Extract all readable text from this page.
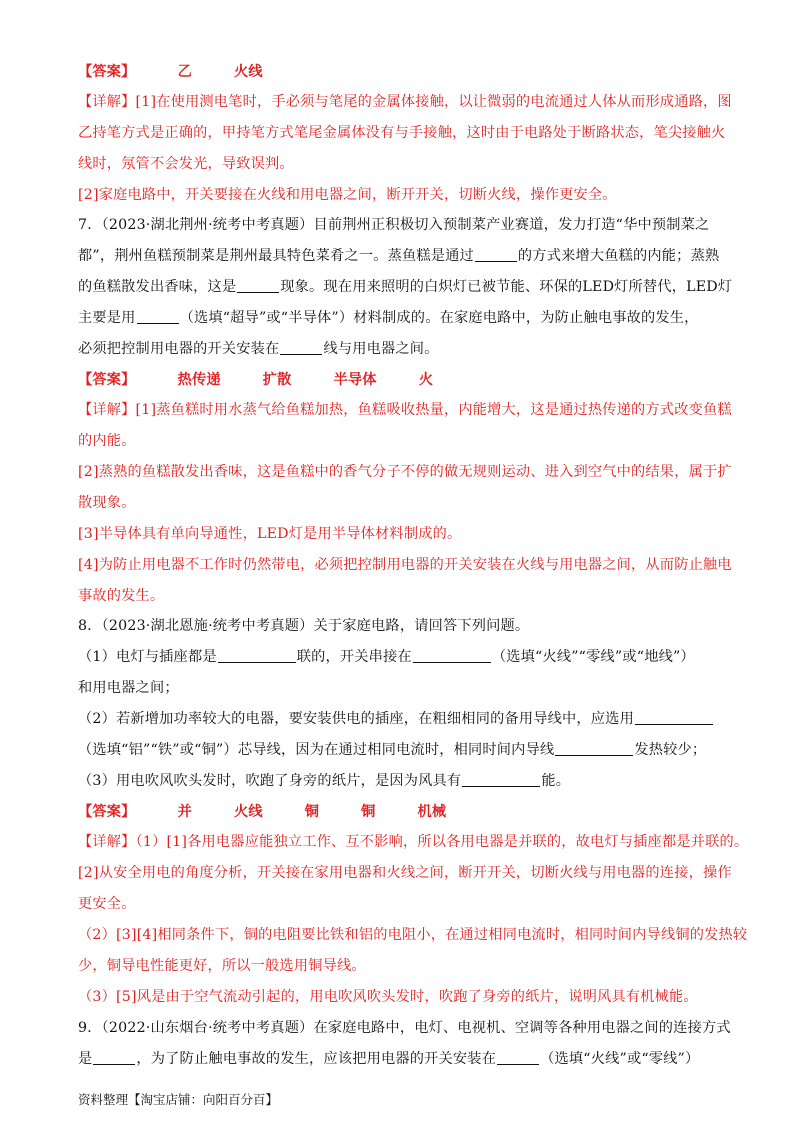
【答案】	乙	火线
【详解】[1]在使用测电笔时，手必须与笔尾的金属体接触，以让微弱的电流通过人体从而形成通路，图
乙持笔方式是正确的，甲持笔方式笔尾金属体没有与手接触，这时由于电路处于断路状态，笔尖接触火
线时，氖管不会发光，导致误判。
[2]家庭电路中，开关要接在火线和用电器之间，断开开关，切断火线，操作更安全。
7．（2023·湖北荆州·统考中考真题）目前荆州正积极切入预制菜产业赛道，发力打造“华中预制菜之
都”，荆州鱼糕预制菜是荆州最具特色菜肴之一。蒸鱼糕是通过	的方式来增大鱼糕的内能；蒸熟
的鱼糕散发出香味，这是	现象。现在用来照明的白炽灯已被节能、环保的LED灯所替代，LED灯
主要是用	（选填“超导”或“半导体”）材料制成的。在家庭电路中，为防止触电事故的发生，
必须把控制用电器的开关安装在	线与用电器之间。
【答案】	热传递	扩散	半导体	火
【详解】[1]蒸鱼糕时用水蒸气给鱼糕加热，鱼糕吸收热量，内能增大，这是通过热传递的方式改变鱼糕
的内能。
[2]蒸熟的鱼糕散发出香味，这是鱼糕中的香气分子不停的做无规则运动、进入到空气中的结果，属于扩
散现象。
[3]半导体具有单向导通性，LED灯是用半导体材料制成的。
[4]为防止用电器不工作时仍然带电，必须把控制用电器的开关安装在火线与用电器之间，从而防止触电
事故的发生。
8．（2023·湖北恩施·统考中考真题）关于家庭电路，请回答下列问题。
（1）电灯与插座都是	联的，开关串接在	（选填“火线”“零线”或“地线”）
和用电器之间；
（2）若新增加功率较大的电器，要安装供电的插座，在粗细相同的备用导线中，应选用
（选填“铝”“铁”或“铜”）芯导线，因为在通过相同电流时，相同时间内导线	发热较少；
（3）用电吹风吹头发时，吹跑了身旁的纸片，是因为风具有	能。
【答案】	并	火线	铜	铜	机械
【详解】（1）[1]各用电器应能独立工作、互不影响，所以各用电器是并联的，故电灯与插座都是并联的。
[2]从安全用电的角度分析，开关接在家用电器和火线之间，断开开关，切断火线与用电器的连接，操作
更安全。
（2）[3][4]相同条件下，铜的电阻要比铁和铝的电阻小，在通过相同电流时，相同时间内导线铜的发热较
少，铜导电性能更好，所以一般选用铜导线。
（3）[5]风是由于空气流动引起的，用电吹风吹头发时，吹跑了身旁的纸片，说明风具有机械能。
9．（2022·山东烟台·统考中考真题）在家庭电路中，电灯、电视机、空调等各种用电器之间的连接方式
是	，为了防止触电事故的发生，应该把用电器的开关安装在	（选填“火线”或“零线”）
资料整理【淘宝店铺：向阳百分百】
